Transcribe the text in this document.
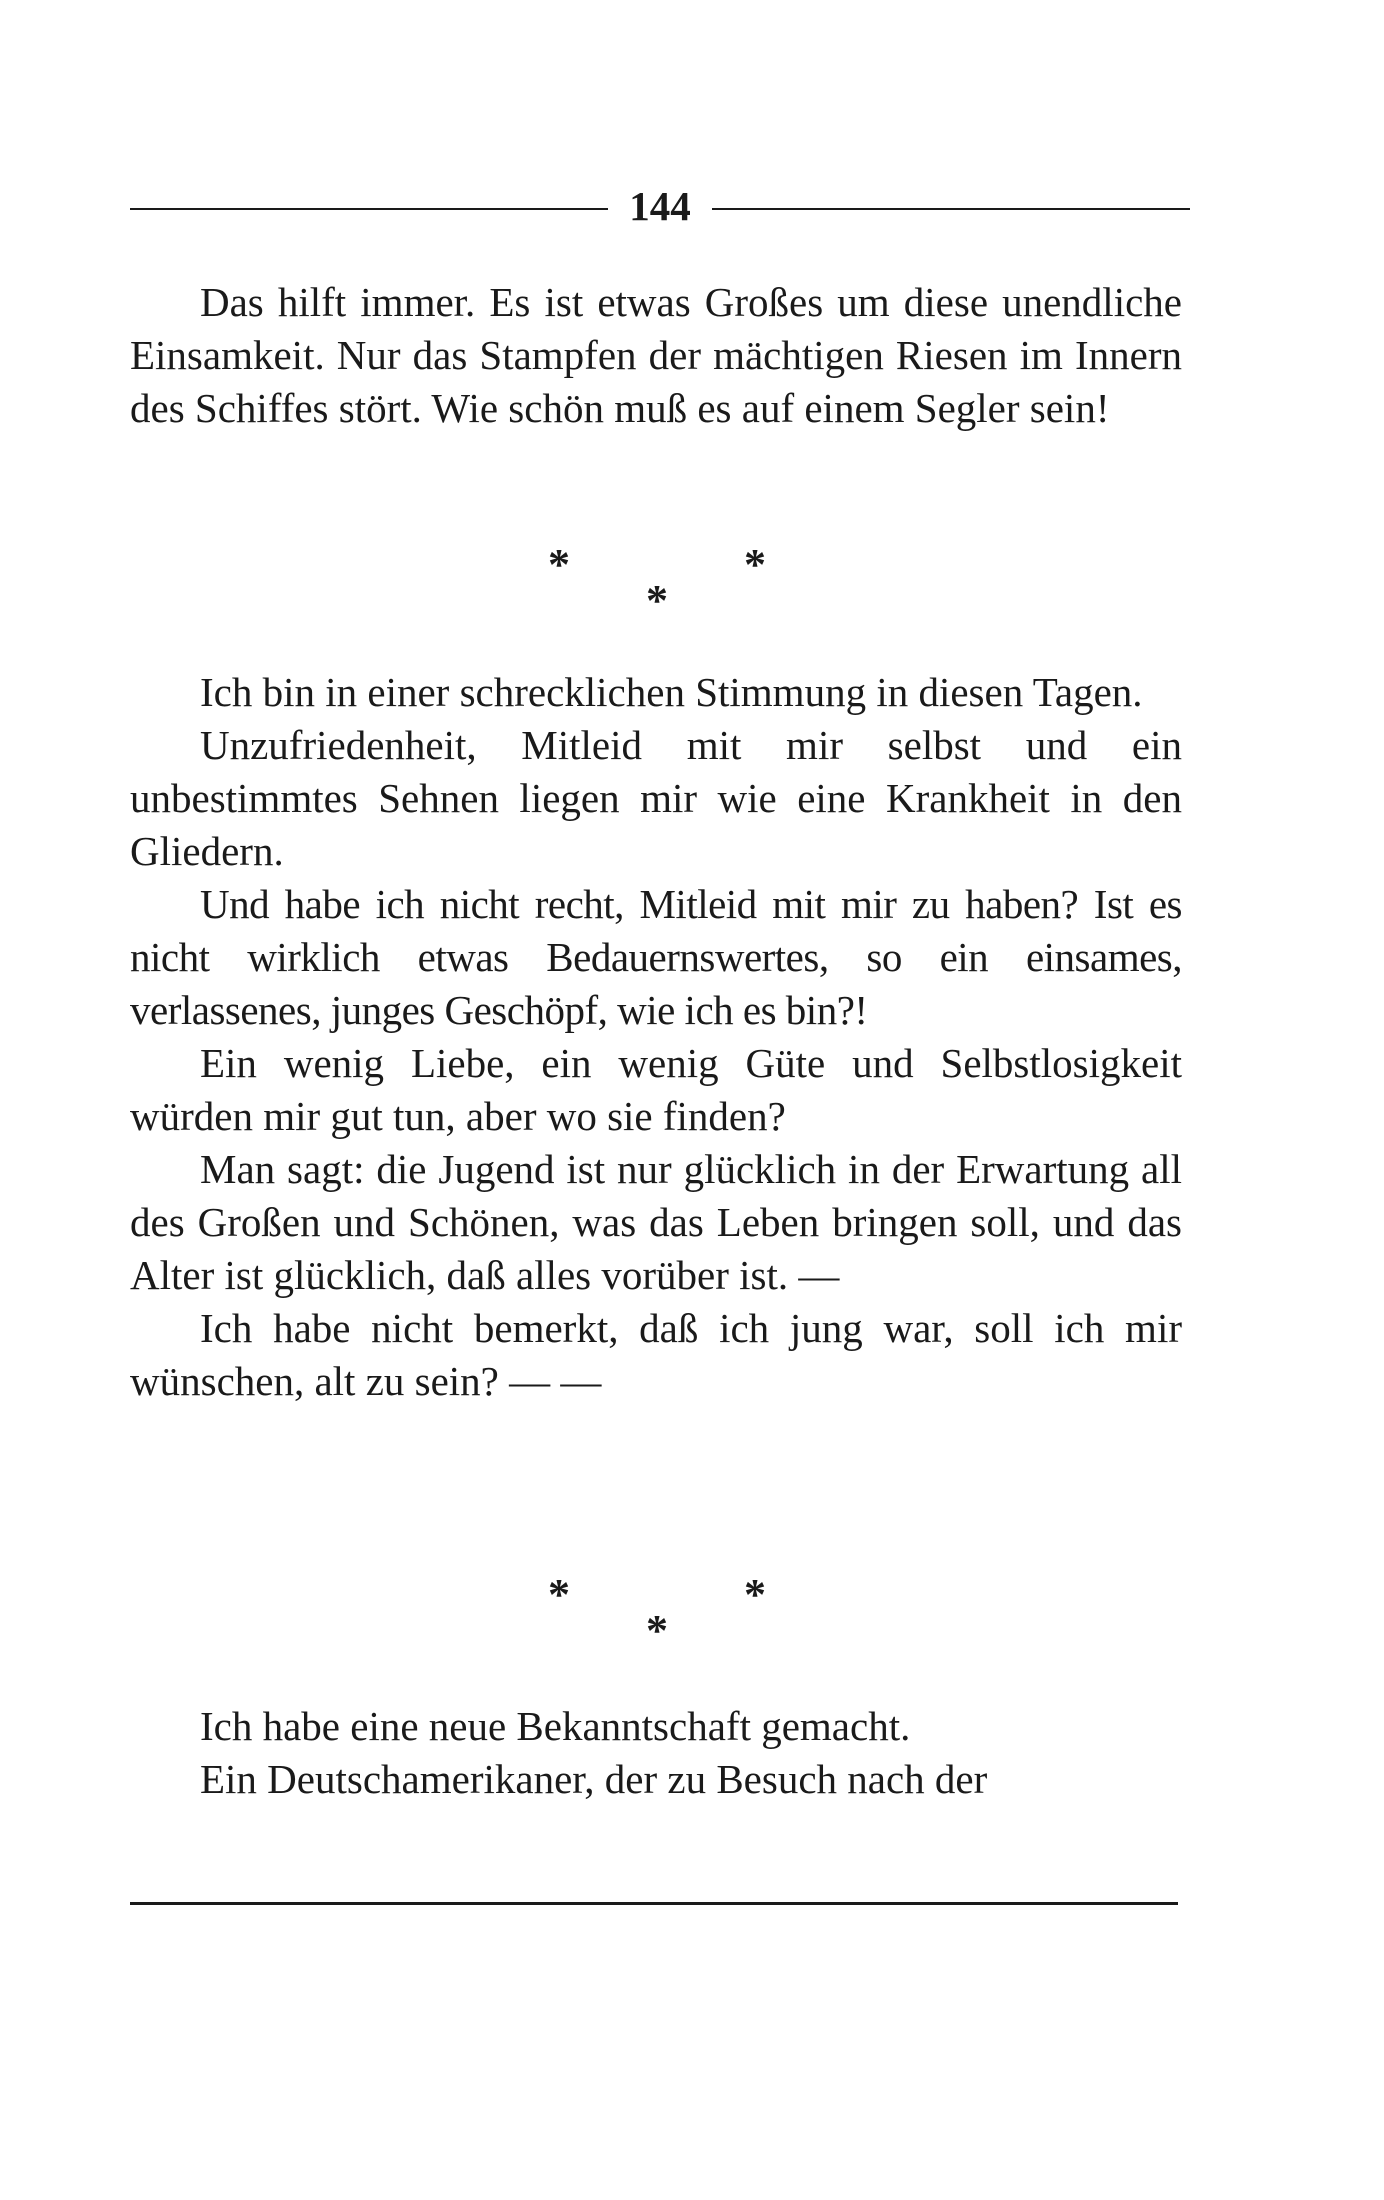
144

Das hilft immer. Es ist etwas Großes um diese unendliche Einsamkeit. Nur das Stampfen der mächtigen Riesen im Innern des Schiffes stört. Wie schön muß es auf einem Segler sein!

*	*
*

Ich bin in einer schrecklichen Stimmung in diesen Tagen.

Unzufriedenheit, Mitleid mit mir selbst und ein unbestimmtes Sehnen liegen mir wie eine Krankheit in den Gliedern.

Und habe ich nicht recht, Mitleid mit mir zu haben? Ist es nicht wirklich etwas Bedauernswertes, so ein einsames, verlassenes, junges Geschöpf, wie ich es bin?!

Ein wenig Liebe, ein wenig Güte und Selbstlosigkeit würden mir gut tun, aber wo sie finden?

Man sagt: die Jugend ist nur glücklich in der Erwartung all des Großen und Schönen, was das Leben bringen soll, und das Alter ist glücklich, daß alles vorüber ist. —

Ich habe nicht bemerkt, daß ich jung war, soll ich mir wünschen, alt zu sein? — —

*	*
*

Ich habe eine neue Bekanntschaft gemacht.

Ein Deutschamerikaner, der zu Besuch nach der
